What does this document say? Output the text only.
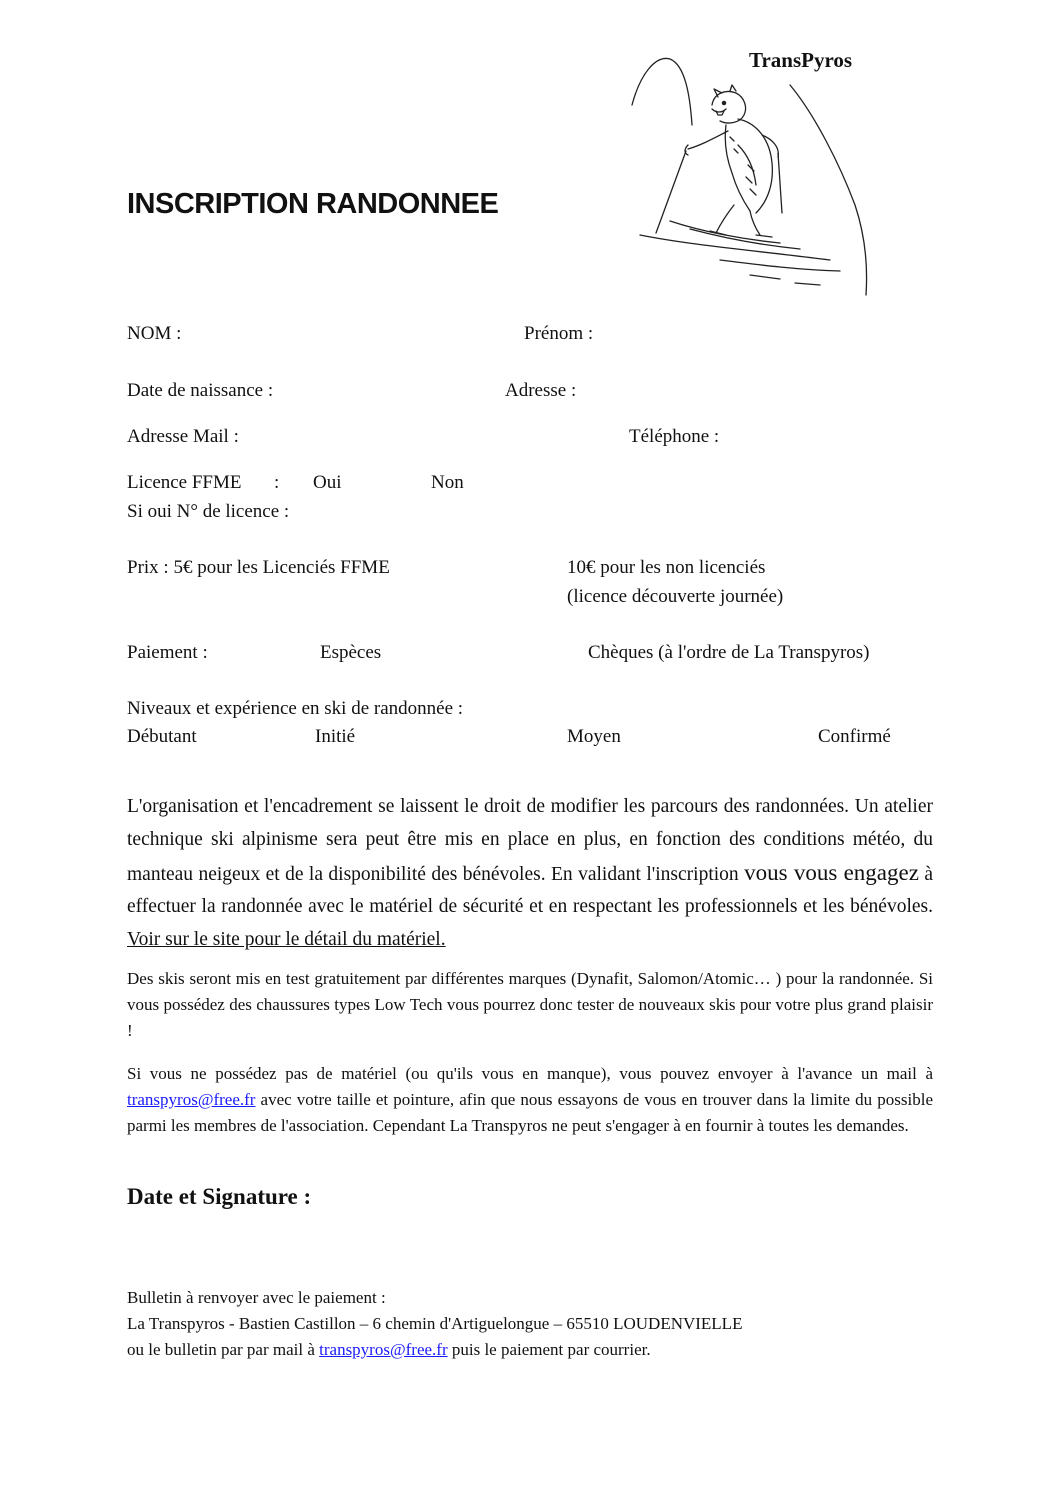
TransPyros
INSCRIPTION RANDONNEE
NOM :	Prénom :
Date de naissance :	Adresse :
Adresse Mail :	Téléphone :
Licence FFME : Oui	Non
Si oui N° de licence :
Prix : 5€ pour les Licenciés FFME	10€ pour les non licenciés
(licence découverte journée)
Paiement :	Espèces	Chèques (à l'ordre de La Transpyros)
Niveaux et expérience en ski de randonnée :
Débutant	Initié	Moyen	Confirmé
L'organisation et l'encadrement se laissent le droit de modifier les parcours des randonnées. Un atelier technique ski alpinisme sera peut être mis en place en plus, en fonction des conditions météo, du manteau neigeux et de la disponibilité des bénévoles. En validant l'inscription vous vous engagez à effectuer la randonnée avec le matériel de sécurité et en respectant les professionnels et les bénévoles. Voir sur le site pour le détail du matériel.
Des skis seront mis en test gratuitement par différentes marques (Dynafit, Salomon/Atomic… ) pour la randonnée. Si vous possédez des chaussures types Low Tech vous pourrez donc tester de nouveaux skis pour votre plus grand plaisir !
Si vous ne possédez pas de matériel (ou qu'ils vous en manque), vous pouvez envoyer à l'avance un mail à transpyros@free.fr avec votre taille et pointure, afin que nous essayons de vous en trouver dans la limite du possible parmi les membres de l'association. Cependant La Transpyros ne peut s'engager à en fournir à toutes les demandes.
Date et Signature :
Bulletin à renvoyer avec le paiement :
La Transpyros - Bastien Castillon – 6 chemin d'Artiguelongue – 65510 LOUDENVIELLE
ou le bulletin par par mail à transpyros@free.fr puis le paiement par courrier.
